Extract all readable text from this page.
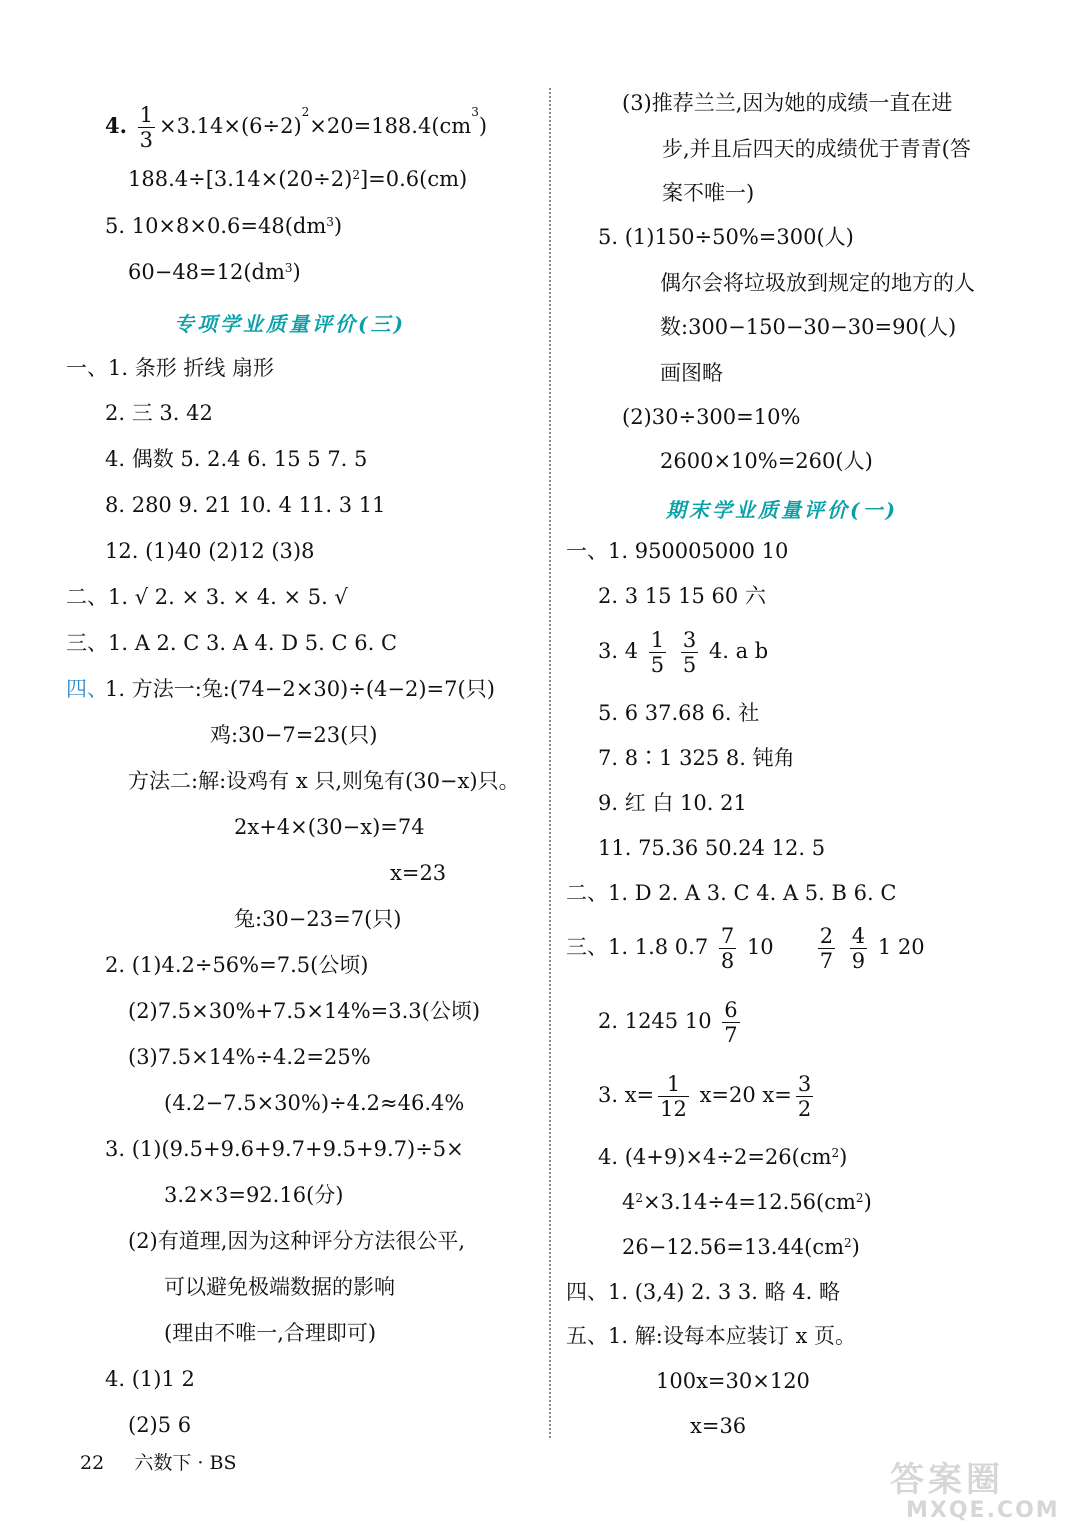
4. $\frac{1}{3} \times 3.14\times(6\div 2)^2\times 20=188.4(cm^3)$
$188.4\div[3.14\times(20\div 2)^2]=0.6(cm)$
5. $10\times 8\times 0.6=48(dm^3)$
$60-48=12(dm^3)$
专项学业质量评价(三)
一、1. 条形 折线 扇形
2. 三 3. 42
4. 偶数 5. 2.4 6. 15 5 7. 5
8. 280 9. 21 10. 4 11. 3 11
12. (1)40 (2)12 (3)8
二、1. √ 2. × 3. × 4. × 5. √
三、1. A 2. C 3. A 4. D 5. C 6. C
四、
1. 方法一:兔:(74−2×30)÷(4−2)=7(只)
鸡:30−7=23(只)
方法二:解:设鸡有 x 只,则兔有(30−x)只。
2x+4×(30−x)=74
x=23
兔:30−23=7(只)
2. (1)4.2÷56%=7.5(公顷)
(2)7.5×30%+7.5×14%=3.3(公顷)
(3)7.5×14%÷4.2=25%
(4.2−7.5×30%)÷4.2≈46.4%
3. (1)(9.5+9.6+9.7+9.5+9.7)÷5×
3.2×3=92.16(分)
(2)有道理,因为这种评分方法很公平,
可以避免极端数据的影响
(理由不唯一,合理即可)
4. (1)1 2
(2)5 6
(3)推荐兰兰,因为她的成绩一直在进
步,并且后四天的成绩优于青青(答
案不唯一)
5. (1)150÷50%=300(人)
偶尔会将垃圾放到规定的地方的人
数:300−150−30−30=90(人)
画图略
(2)30÷300=10%
2600×10%=260(人)
期末学业质量评价(一)
一、1. 950005000 10
2. 3 15 15 60 六
3. $4 \frac{1}{5}$
$\frac{3}{5} 4$. a b
5. 6 37.68 6. 社
7. 8∶1 325 8. 钝角
9. 红 白 10. 21
11. 75.36 50.24 12. 5
二、1. D 2. A 3. C 4. A 5. B 6. C
三、1. 1.8 $0.7 \frac{7}{8} 10 \frac{2}{7}$
$\frac{4}{9} 1$ 20
2. 1245 $10 \frac{6}{7}$
3. $x= \frac{1}{12} x=20$ $x= \frac{3}{2}$
4. $(4+9)\times 4\div 2=26(cm^2)$
$4^2\times 3.14\div 4=12.56(cm^2)$
$26-12.56=13.44(cm^2)$
四、1. (3,4) 2. 3 3. 略 4. 略
五、1. 解:设每本应装订 x 页。
100x=30×120
x=36
22 六数下 · BS	答案圈
MXQE.COM
